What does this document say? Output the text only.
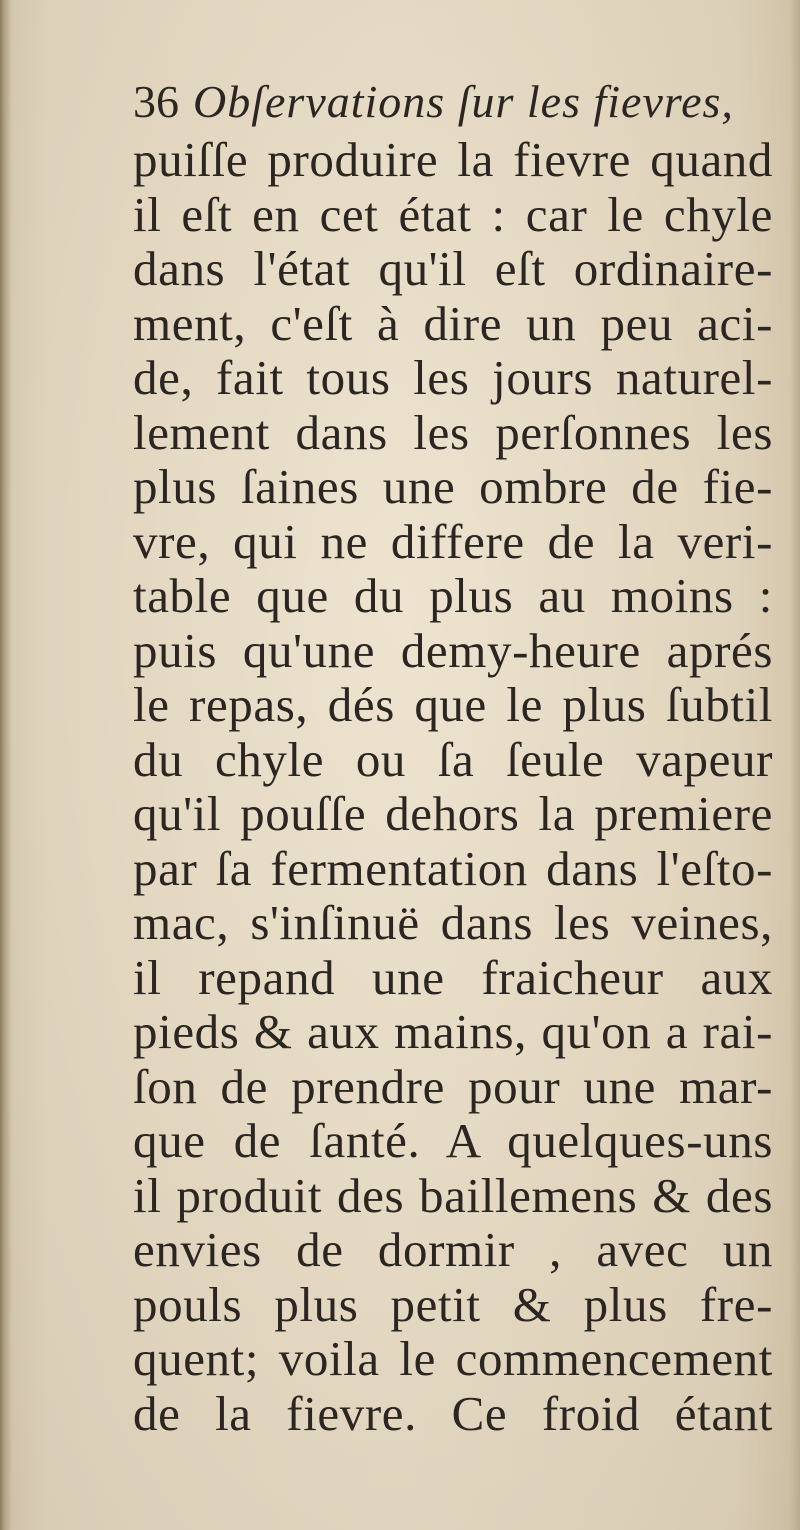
36 Obſervations ſur les fievres,
puiſſe produire la fievre quand
il eſt en cet état : car le chyle
dans l'état qu'il eſt ordinaire-
ment, c'eſt à dire un peu aci-
de, fait tous les jours naturel-
lement dans les perſonnes les
plus ſaines une ombre de fie-
vre, qui ne differe de la veri-
table que du plus au moins :
puis qu'une demy-heure aprés
le repas, dés que le plus ſubtil
du chyle ou ſa ſeule vapeur
qu'il pouſſe dehors la premiere
par ſa fermentation dans l'eſto-
mac, s'inſinuë dans les veines,
il repand une fraicheur aux
pieds & aux mains, qu'on a rai-
ſon de prendre pour une mar-
que de ſanté. A quelques-uns
il produit des baillemens & des
envies de dormir , avec un
pouls plus petit & plus fre-
quent; voila le commencement
de la fievre. Ce froid étant
